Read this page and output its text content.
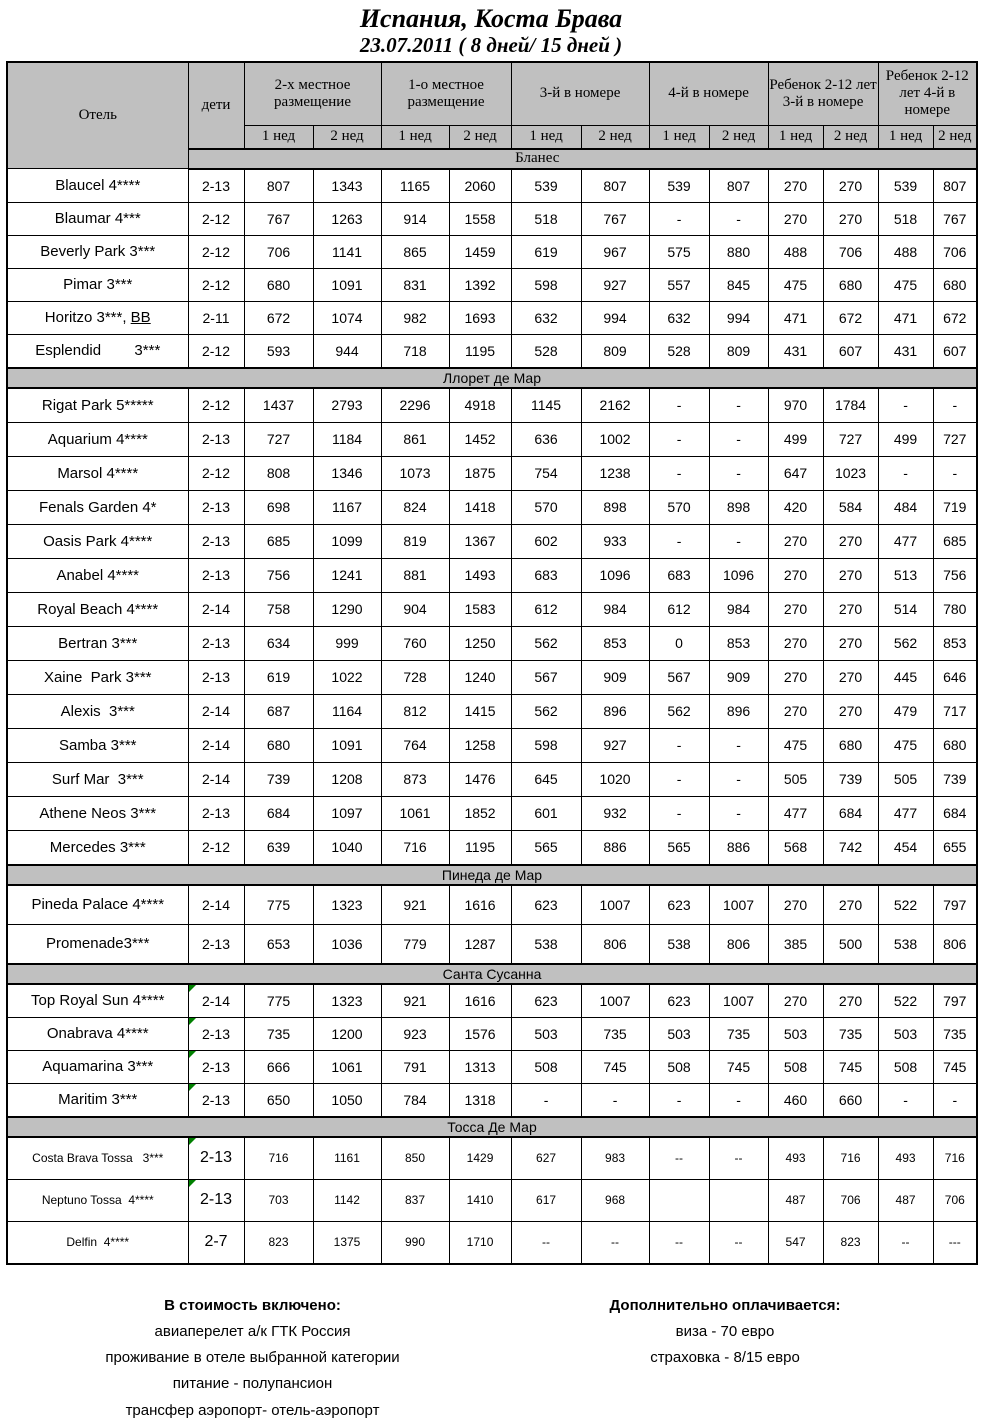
Испания, Коста Брава
23.07.2011 ( 8 дней/ 15 дней )
Отель	дети	2-х местное размещение		1-о местное размещение		3-й в номере		4-й в номере		Ребенок 2-12 лет 3-й в номере		Ребенок 2-12 лет 4-й в номере	
		1 нед	2 нед	1 нед	2 нед	1 нед	2 нед	1 нед	2 нед	1 нед	2 нед	1 нед	2 нед
	Бланес												
Blaucel 4****	2-13	807	1343	1165	2060	539	807	539	807	270	270	539	807
Blaumar 4***	2-12	767	1263	914	1558	518	767	-	-	270	270	518	767
Beverly Park 3***	2-12	706	1141	865	1459	619	967	575	880	488	706	488	706
Pimar 3***	2-12	680	1091	831	1392	598	927	557	845	475	680	475	680
Horitzo 3***, BB	2-11	672	1074	982	1693	632	994	632	994	471	672	471	672
Esplendid        3***	2-12	593	944	718	1195	528	809	528	809	431	607	431	607
Ллорет де Мар													
Rigat Park 5*****	2-12	1437	2793	2296	4918	1145	2162	-	-	970	1784	-	-
Aquarium 4****	2-13	727	1184	861	1452	636	1002	-	-	499	727	499	727
Marsol 4****	2-12	808	1346	1073	1875	754	1238	-	-	647	1023	-	-
Fenals Garden 4*	2-13	698	1167	824	1418	570	898	570	898	420	584	484	719
Oasis Park 4****	2-13	685	1099	819	1367	602	933	-	-	270	270	477	685
Anabel 4****	2-13	756	1241	881	1493	683	1096	683	1096	270	270	513	756
Royal Beach 4****	2-14	758	1290	904	1583	612	984	612	984	270	270	514	780
Bertran 3***	2-13	634	999	760	1250	562	853	0	853	270	270	562	853
Xaine  Park 3***	2-13	619	1022	728	1240	567	909	567	909	270	270	445	646
Alexis  3***	2-14	687	1164	812	1415	562	896	562	896	270	270	479	717
Samba 3***	2-14	680	1091	764	1258	598	927	-	-	475	680	475	680
Surf Mar  3***	2-14	739	1208	873	1476	645	1020	-	-	505	739	505	739
Athene Neos 3***	2-13	684	1097	1061	1852	601	932	-	-	477	684	477	684
Mercedes 3***	2-12	639	1040	716	1195	565	886	565	886	568	742	454	655
Пинеда де Мар													
Pineda Palace 4****	2-14	775	1323	921	1616	623	1007	623	1007	270	270	522	797
Promenade3***	2-13	653	1036	779	1287	538	806	538	806	385	500	538	806
Санта Сусанна													
Top Royal Sun 4****	2-14	775	1323	921	1616	623	1007	623	1007	270	270	522	797
Onabrava 4****	2-13	735	1200	923	1576	503	735	503	735	503	735	503	735
Aquamarina 3***	2-13	666	1061	791	1313	508	745	508	745	508	745	508	745
Maritim 3***	2-13	650	1050	784	1318	-	-	-	-	460	660	-	-
Тосса Де Мар													
Costa Brava Tossa   3***	2-13	716	1161	850	1429	627	983	--	--	493	716	493	716
Neptuno Tossa  4****	2-13	703	1142	837	1410	617	968			487	706	487	706
Delfin  4****	2-7	823	1375	990	1710	--	--	--	--	547	823	--	---
В стоимость включено:
авиаперелет а/к ГТК Россия
проживание в отеле выбранной категории
питание - полупансион
трансфер аэропорт- отель-аэропорт
Дополнительно оплачивается:
виза - 70 евро
страховка - 8/15 евро
